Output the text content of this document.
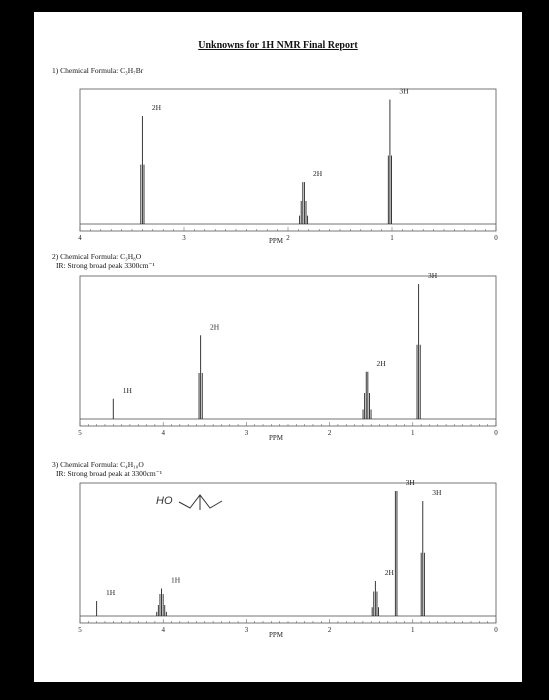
Unknowns for 1H NMR Final Report
1) Chemical Formula: C₃H₇Br
2) Chemical Formula: C₃H₈O
IR: Strong broad peak 3300cm⁻¹
3) Chemical Formula: C₄H₁₀O
IR: Strong broad peak at 3300cm⁻¹
4	3	2	1	0
PPM
2H
2H
3H
5	4	3	2	1	0
PPM
1H
2H
2H
3H
5	4	3	2	1	0
PPM
1H
1H
2H
3H
3H
HO
